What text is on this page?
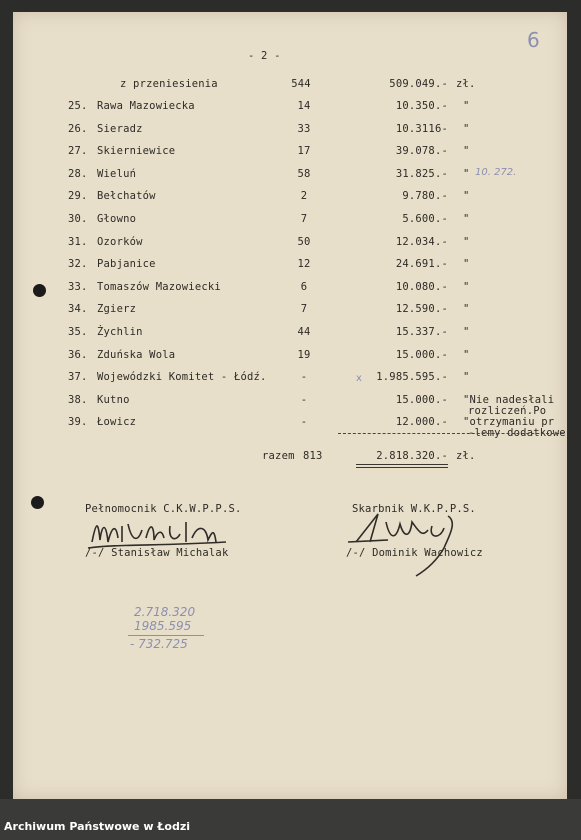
- 2 -
6
z przeniesienia	544	509.049.- zł.
25. Rawa Mazowiecka	14	10.350.- "
26. Sieradz	33	10.3116- "
27. Skierniewice	17	39.078.- "
28. Wieluń	58	31.825.- "
29. Bełchatów	2	9.780.- "
30. Głowno	7	5.600.- "
31. Ozorków	50	12.034.- "
32. Pabjanice	12	24.691.- "
33. Tomaszów Mazowiecki	6	10.080.- "
34. Zgierz	7	12.590.- "
35. Żychlin	44	15.337.- "
36. Zduńska Wola	19	15.000.- "
37. Wojewódzki Komitet - Łódź.	-	1.985.595.- "
38. Kutno	-	15.000.- "Nie nadesłali
39. Łowicz	-	12.000.- "otrzymaniu pr
rozliczeń.Po
-lemy dodatkowe
10. 272.
x
razem 813	2.818.320.- zł.
Pełnomocnik C.K.W.P.P.S.	Skarbnik W.K.P.P.S.
/-/ Stanisław Michalak	/-/ Dominik Wachowicz
2.718.320
1985.595
- 732.725
Archiwum Państwowe w Łodzi
